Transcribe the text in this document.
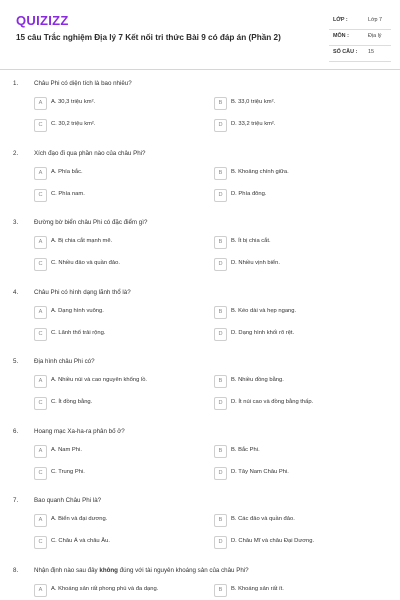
QUIZIZZ
15 câu Trắc nghiệm Địa lý 7 Kết nối tri thức Bài 9 có đáp án (Phần 2)
LỚP :	Lớp 7
MÔN :	Địa lý
SỐ CÂU : 15
1.	Châu Phi có diện tích là bao nhiêu?
A	A. 30,3 triệu km².	B	B. 33,0 triệu km².
C	C. 30,2 triệu km².	D	D. 33,2 triệu km².
2.	Xích đạo đi qua phần nào của châu Phi?
A	A. Phía bắc.	B	B. Khoảng chính giữa.
C	C. Phía nam.	D	D. Phía đông.
3.	Đường bờ biển châu Phi có đặc điểm gì?
A	A. Bị chia cắt mạnh mẽ.	B	B. Ít bị chia cắt.
C	C. Nhiều đảo và quần đảo.	D	D. Nhiều vịnh biển.
4.	Châu Phi có hình dạng lãnh thổ là?
A	A. Dạng hình vuông.	B	B. Kéo dài và hẹp ngang.
C	C. Lãnh thổ trải rộng.	D	D. Dạng hình khối rõ rệt.
5.	Địa hình châu Phi có?
A	A. Nhiều núi và cao nguyên khổng lồ.	B	B. Nhiều đồng bằng.
C	C. Ít đồng bằng.	D	D. Ít núi cao và đồng bằng thấp.
6.	Hoang mạc Xa-ha-ra phân bố ở?
A	A. Nam Phi.	B	B. Bắc Phi.
C	C. Trung Phi.	D	D. Tây Nam Châu Phi.
7.	Bao quanh Châu Phi là?
A	A. Biển và đại dương.	B	B. Các đảo và quần đảo.
C	C. Châu Á và châu Âu.	D	D. Châu Mĩ và châu Đại Dương.
8.	Nhận định nào sau đây không đúng với tài nguyên khoáng sản của châu Phi?
A	A. Khoáng sản rất phong phú và đa dạng.	B	B. Khoáng sản rất ít.
